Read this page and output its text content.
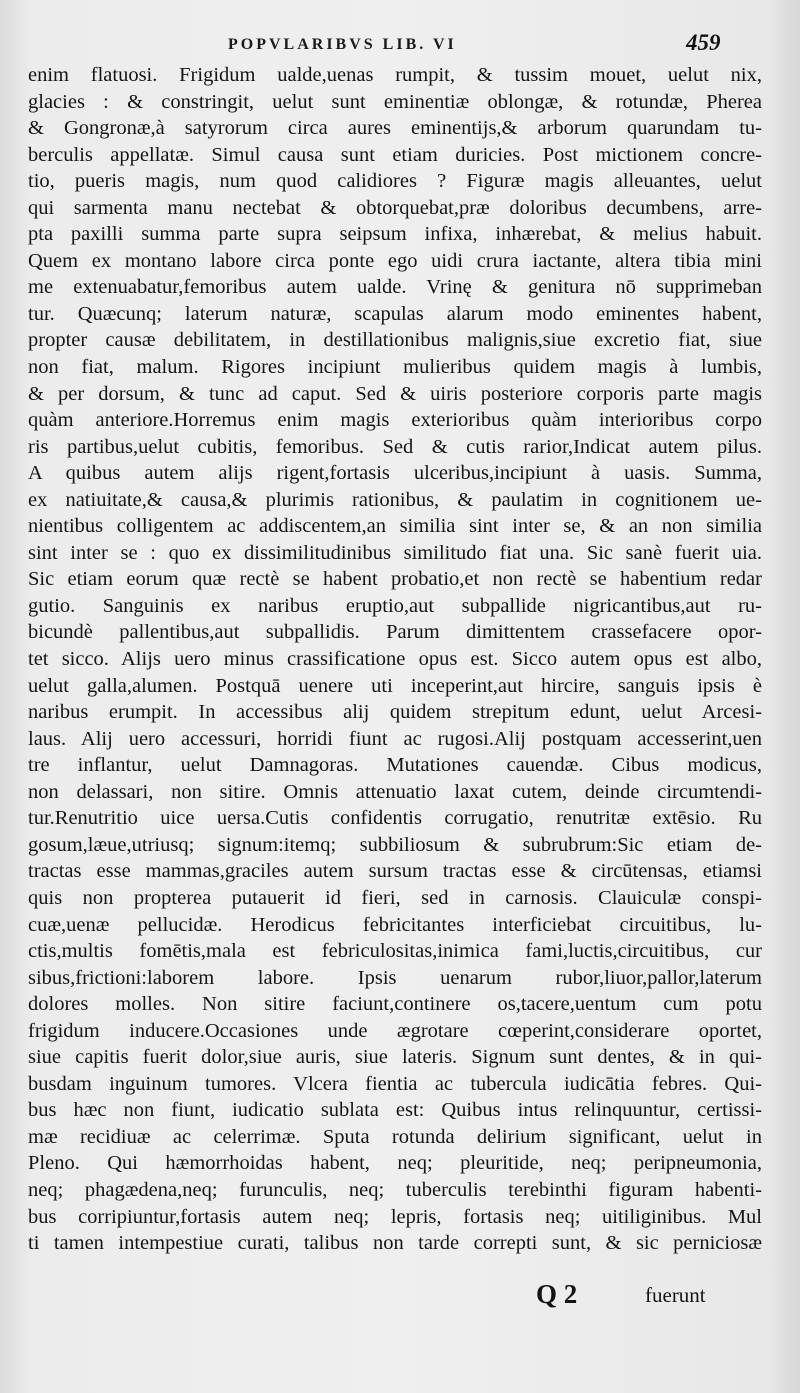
POPVLARIBVS LIB. VI	459
enim flatuosi. Frigidum ualde,uenas rumpit, & tussim mouet, uelut nix,
glacies : & constringit, uelut sunt eminentiæ oblongæ, & rotundæ, Pherea
& Gongronæ,à satyrorum circa aures eminentijs,& arborum quarundam tu-
berculis appellatæ. Simul causa sunt etiam duricies. Post mictionem concre-
tio, pueris magis, num quod calidiores ? Figuræ magis alleuantes, uelut
qui sarmenta manu nectebat & obtorquebat,præ doloribus decumbens, arre-
pta paxilli summa parte supra seipsum infixa, inhærebat, & melius habuit.
Quem ex montano labore circa ponte ego uidi crura iactante, altera tibia mini
me extenuabatur,femoribus autem ualde. Vrinę & genitura nō supprimeban
tur. Quæcunq; laterum naturæ, scapulas alarum modo eminentes habent,
propter causæ debilitatem, in destillationibus malignis,siue excretio fiat, siue
non fiat, malum. Rigores incipiunt mulieribus quidem magis à lumbis,
& per dorsum, & tunc ad caput. Sed & uiris posteriore corporis parte magis
quàm anteriore.Horremus enim magis exterioribus quàm interioribus corpo
ris partibus,uelut cubitis, femoribus. Sed & cutis rarior,Indicat autem pilus.
A quibus autem alijs rigent,fortasis ulceribus,incipiunt à uasis. Summa,
ex natiuitate,& causa,& plurimis rationibus, & paulatim in cognitionem ue-
nientibus colligentem ac addiscentem,an similia sint inter se, & an non similia
sint inter se : quo ex dissimilitudinibus similitudo fiat una. Sic sanè fuerit uia.
Sic etiam eorum quæ rectè se habent probatio,et non rectè se habentium redar
gutio. Sanguinis ex naribus eruptio,aut subpallide nigricantibus,aut ru-
bicundè pallentibus,aut subpallidis. Parum dimittentem crassefacere opor-
tet sicco. Alijs uero minus crassificatione opus est. Sicco autem opus est albo,
uelut galla,alumen. Postquā uenere uti inceperint,aut hircire, sanguis ipsis è
naribus erumpit. In accessibus alij quidem strepitum edunt, uelut Arcesi-
laus. Alij uero accessuri, horridi fiunt ac rugosi.Alij postquam accesserint,uen
tre inflantur, uelut Damnagoras. Mutationes cauendæ. Cibus modicus,
non delassari, non sitire. Omnis attenuatio laxat cutem, deinde circumtendi-
tur.Renutritio uice uersa.Cutis confidentis corrugatio, renutritæ extēsio. Ru
gosum,læue,utriusq; signum:itemq; subbiliosum & subrubrum:Sic etiam de-
tractas esse mammas,graciles autem sursum tractas esse & circūtensas, etiamsi
quis non propterea putauerit id fieri, sed in carnosis. Clauiculæ conspi-
cuæ,uenæ pellucidæ. Herodicus febricitantes interficiebat circuitibus, lu-
ctis,multis fomētis,mala est febriculositas,inimica fami,luctis,circuitibus, cur
sibus,frictioni:laborem labore. Ipsis uenarum rubor,liuor,pallor,laterum
dolores molles. Non sitire faciunt,continere os,tacere,uentum cum potu
frigidum inducere.Occasiones unde ægrotare cœperint,considerare oportet,
siue capitis fuerit dolor,siue auris, siue lateris. Signum sunt dentes, & in qui-
busdam inguinum tumores. Vlcera fientia ac tubercula iudicātia febres. Qui-
bus hæc non fiunt, iudicatio sublata est: Quibus intus relinquuntur, certissi-
mæ recidiuæ ac celerrimæ. Sputa rotunda delirium significant, uelut in
Pleno. Qui hæmorrhoidas habent, neq; pleuritide, neq; peripneumonia,
neq; phagædena,neq; furunculis, neq; tuberculis terebinthi figuram habenti-
bus corripiuntur,fortasis autem neq; lepris, fortasis neq; uitiliginibus. Mul
ti tamen intempestiue curati, talibus non tarde correpti sunt, & sic perniciosæ
Q 2	fuerunt
